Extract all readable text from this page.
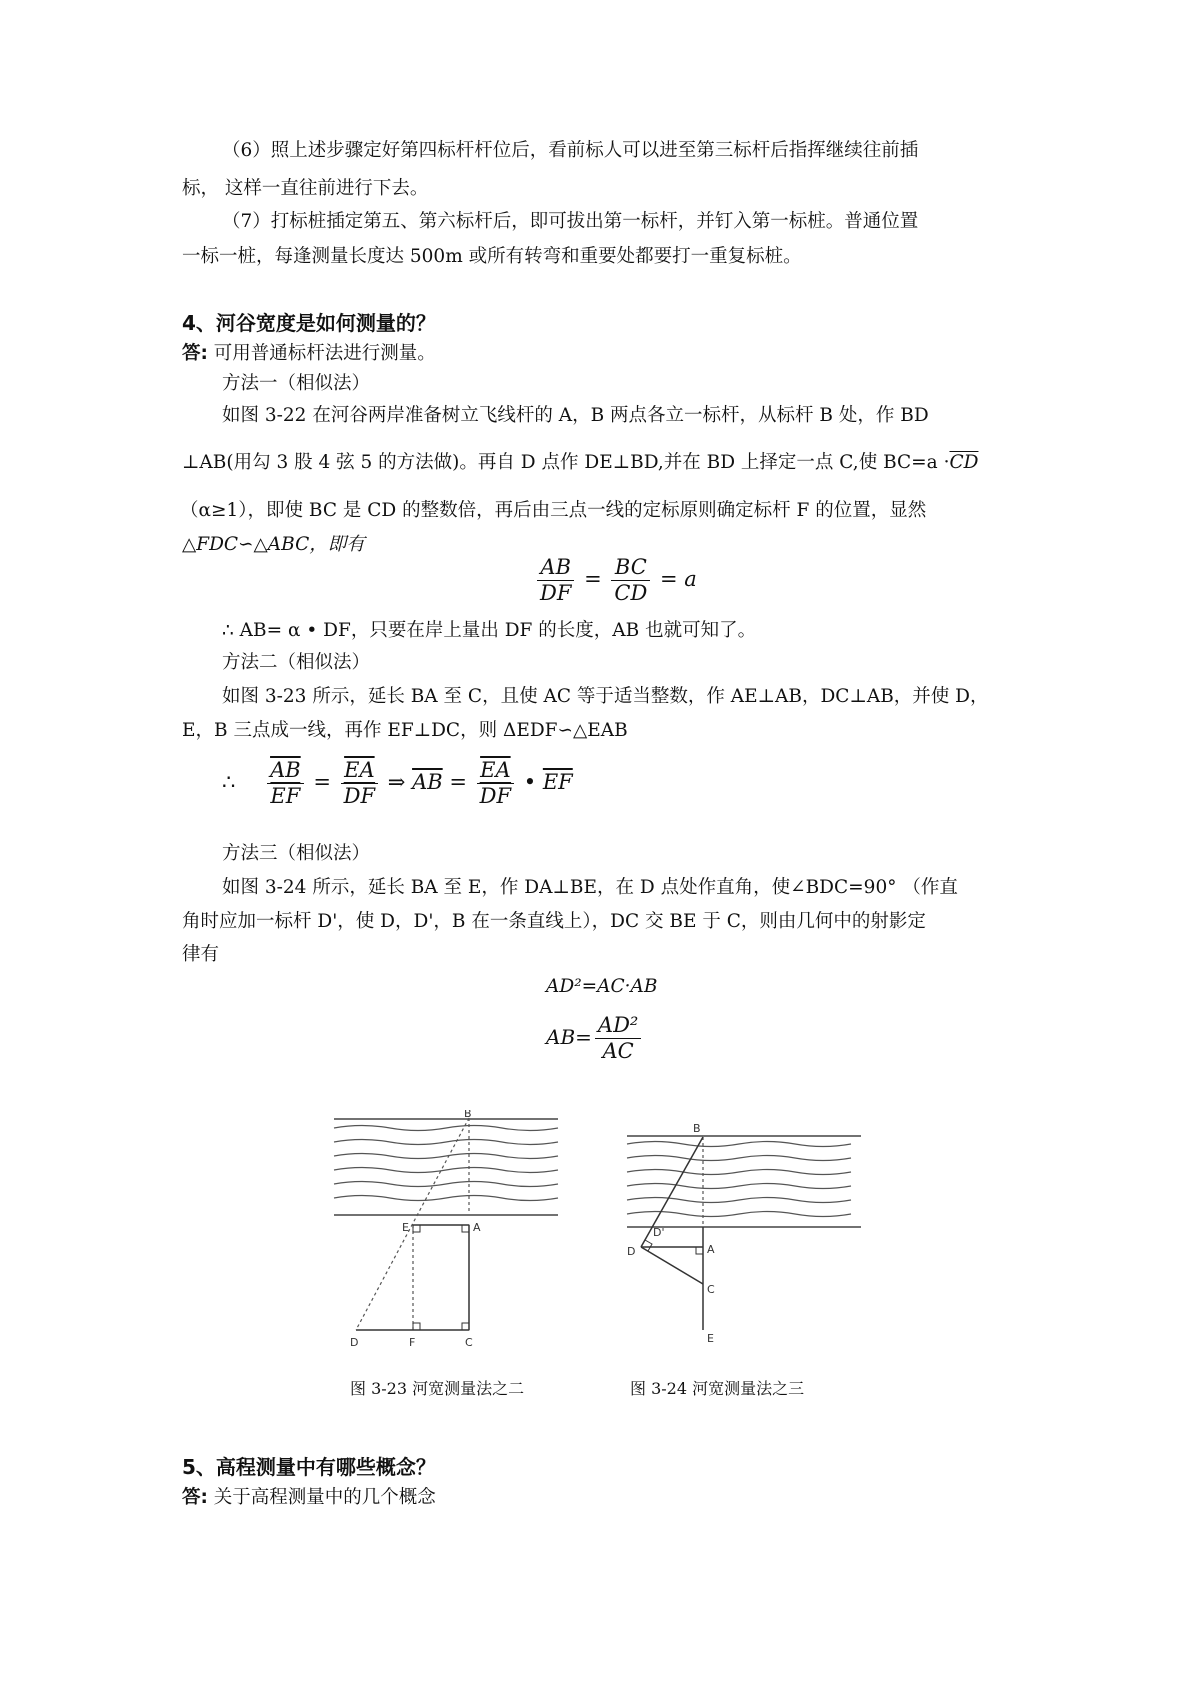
（6）照上述步骤定好第四标杆杆位后，看前标人可以进至第三标杆后指挥继续往前插
标， 这样一直往前进行下去。
（7）打标桩插定第五、第六标杆后，即可拔出第一标杆，并钉入第一标桩。普通位置
一标一桩，每逢测量长度达 500m 或所有转弯和重要处都要打一重复标桩。
4、河谷宽度是如何测量的？
答: 可用普通标杆法进行测量。
方法一（相似法）
如图 3-22 在河谷两岸准备树立飞线杆的 A，B 两点各立一标杆，从标杆 B 处，作 BD
⊥AB(用勾 3 股 4 弦 5 的方法做)。再自 D 点作 DE⊥BD,并在 BD 上择定一点 C,使 $BC=a \cdot\overline{CD}$
（α≥1），即使 BC 是 CD 的整数倍，再后由三点一线的定标原则确定标杆 F 的位置，显然
△FDC∽△ABC，即有
$\frac{AB}{DF} = \frac{BC}{CD} = a$
∴ AB= α • DF，只要在岸上量出 DF 的长度，AB 也就可知了。
方法二（相似法）
如图 3-23 所示，延长 BA 至 C，且使 AC 等于适当整数，作 AE⊥AB，DC⊥AB，并使 D，
E，B 三点成一线，再作 EF⊥DC，则 ΔEDF∽△EAB
∴ $\frac{\overline{AB}}{EF} = \frac{\overline{EA}}{DF}$ ⇒ $\overline{AB} = \frac{\overline{EA}}{DF}$ • $\overline{EF}$
方法三（相似法）
如图 3-24 所示，延长 BA 至 E，作 DA⊥BE，在 D 点处作直角，使∠BDC=90° （作直
角时应加一标杆 D'，使 D，D'，B 在一条直线上），DC 交 BE 于 C，则由几何中的射影定
律有
AD²=AC·AB
$AB= \frac{\text{AD²}}{AC}$
B
E	A
D	F	C
B
D'
D	A
C
E
图 3-23 河宽测量法之二	图 3-24 河宽测量法之三
5、高程测量中有哪些概念？
答: 关于高程测量中的几个概念
